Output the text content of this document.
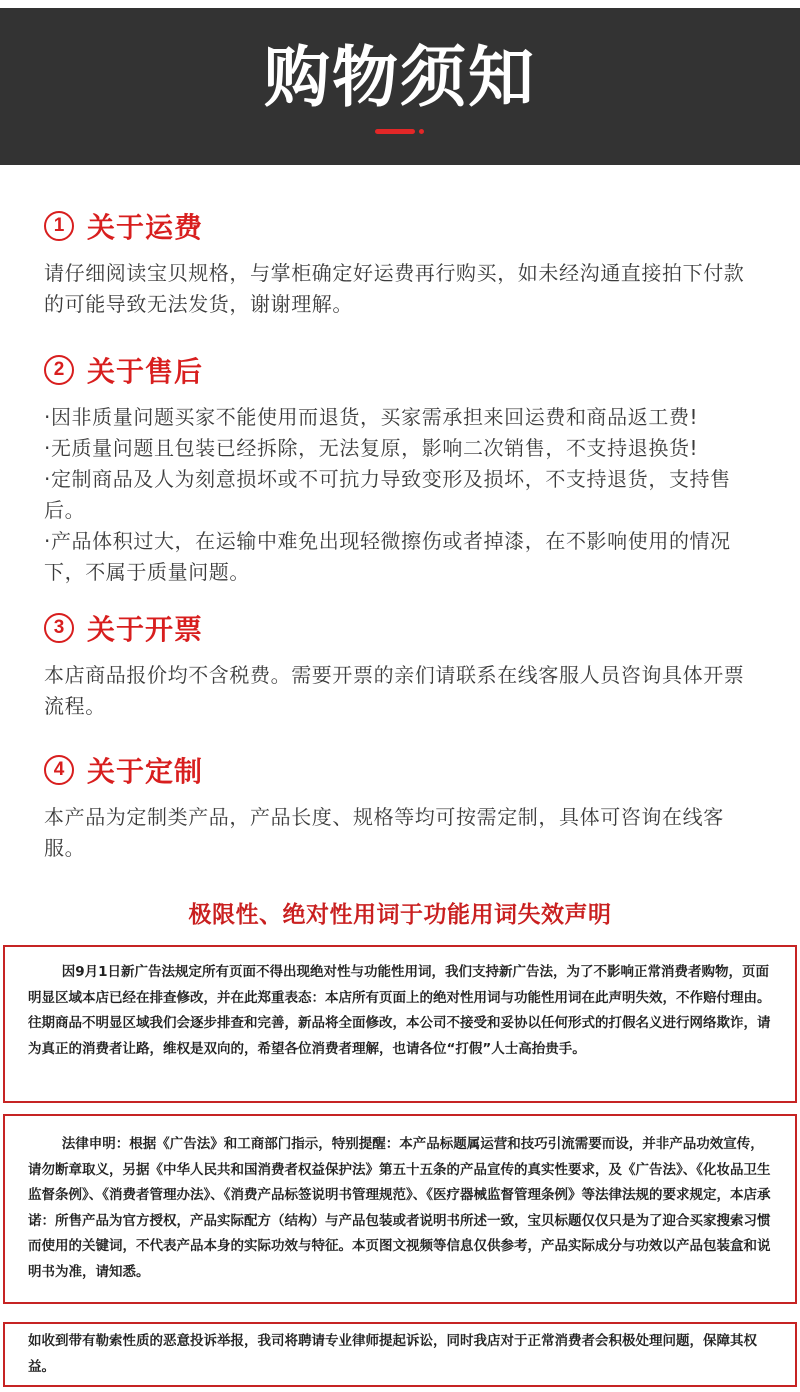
购物须知
1 关于运费

请仔细阅读宝贝规格，与掌柜确定好运费再行购买，如未经沟通直接拍下付款的可能导致无法发货，谢谢理解。

2 关于售后

·因非质量问题买家不能使用而退货，买家需承担来回运费和商品返工费!

·无质量问题且包装已经拆除，无法复原，影响二次销售，不支持退换货!

·定制商品及人为刻意损坏或不可抗力导致变形及损坏，不支持退货，支持售后。

·产品体积过大，在运输中难免出现轻微擦伤或者掉漆，在不影响使用的情况下，不属于质量问题。

3 关于开票

本店商品报价均不含税费。需要开票的亲们请联系在线客服人员咨询具体开票流程。

4 关于定制

本产品为定制类产品，产品长度、规格等均可按需定制，具体可咨询在线客服。

极限性、绝对性用词于功能用词失效声明

因9月1日新广告法规定所有页面不得出现绝对性与功能性用词，我们支持新广告法，为了不影响正常消费者购物，页面明显区域本店已经在排查修改，并在此郑重表态：本店所有页面上的绝对性用词与功能性用词在此声明失效，不作赔付理由。往期商品不明显区域我们会逐步排查和完善，新品将全面修改，本公司不接受和妥协以任何形式的打假名义进行网络欺诈，请为真正的消费者让路，维权是双向的，希望各位消费者理解，也请各位“打假”人士高抬贵手。

法律申明：根据《广告法》和工商部门指示，特别提醒：本产品标题属运营和技巧引流需要而设，并非产品功效宣传，请勿断章取义，另据《中华人民共和国消费者权益保护法》第五十五条的产品宣传的真实性要求，及《广告法》、《化妆品卫生监督条例》、《消费者管理办法》、《消费产品标签说明书管理规范》、《医疗器械监督管理条例》等法律法规的要求规定，本店承诺：所售产品为官方授权，产品实际配方（结构）与产品包装或者说明书所述一致，宝贝标题仅仅只是为了迎合买家搜索习惯而使用的关键词，不代表产品本身的实际功效与特征。本页图文视频等信息仅供参考，产品实际成分与功效以产品包装盒和说明书为准，请知悉。

如收到带有勒索性质的恶意投诉举报，我司将聘请专业律师提起诉讼，同时我店对于正常消费者会积极处理问题，保障其权益。
